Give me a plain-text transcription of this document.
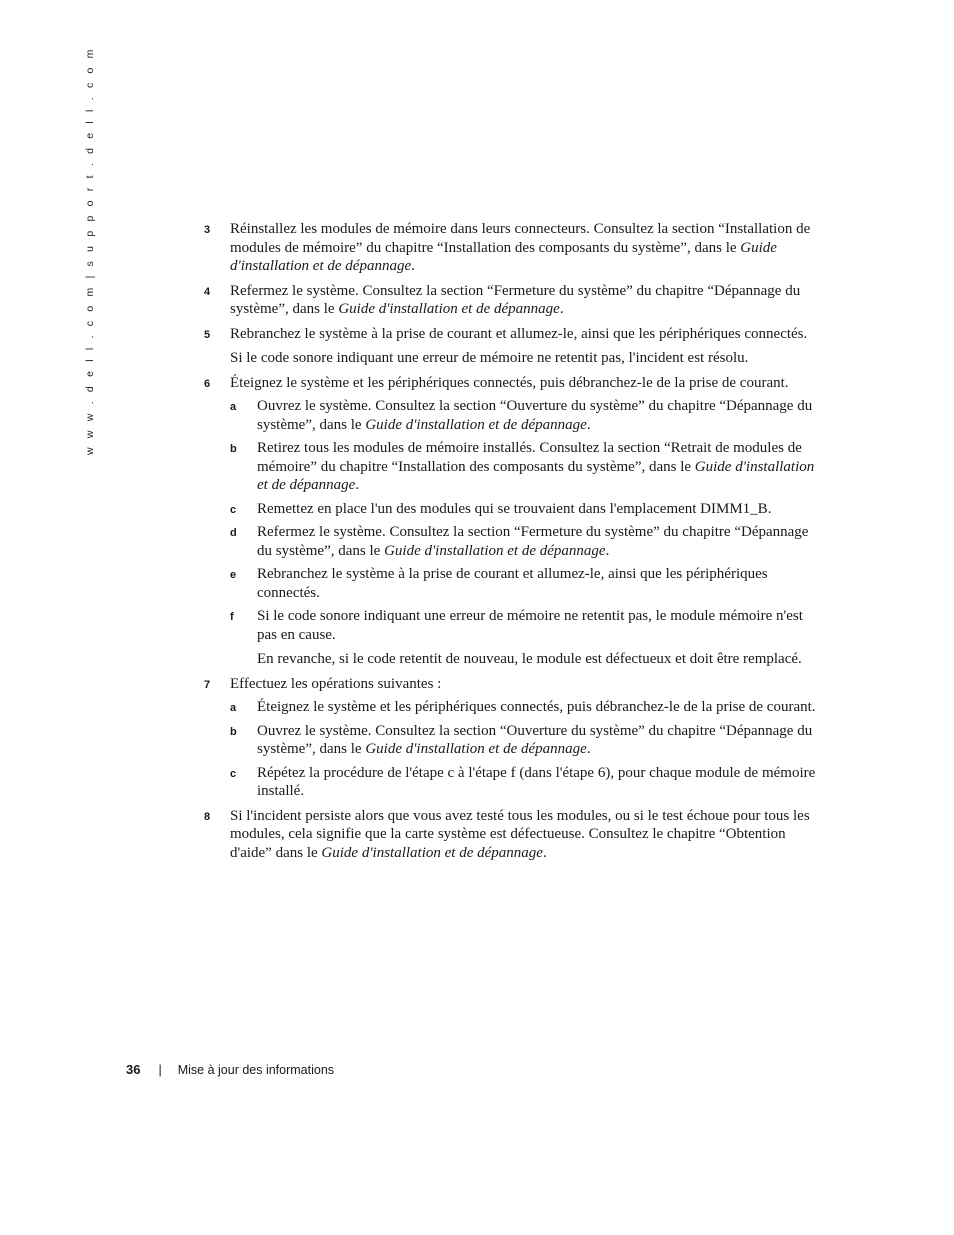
w w w . d e l l . c o m | s u p p o r t . d e l l . c o m	3 Réinstallez les modules de mémoire dans leurs connecteurs. Consultez la section “Installation de modules de mémoire” du chapitre “Installation des composants du système”, dans le Guide d'installation et de dépannage.

4 Refermez le système. Consultez la section “Fermeture du système” du chapitre “Dépannage du système”, dans le Guide d'installation et de dépannage.

5 Rebranchez le système à la prise de courant et allumez-le, ainsi que les périphériques connectés.

Si le code sonore indiquant une erreur de mémoire ne retentit pas, l'incident est résolu.

6 Éteignez le système et les périphériques connectés, puis débranchez-le de la prise de courant.

a Ouvrez le système. Consultez la section “Ouverture du système” du chapitre “Dépannage du système”, dans le Guide d'installation et de dépannage.

b Retirez tous les modules de mémoire installés. Consultez la section “Retrait de modules de mémoire” du chapitre “Installation des composants du système”, dans le Guide d'installation et de dépannage.

c Remettez en place l'un des modules qui se trouvaient dans l'emplacement DIMM1_B.

d Refermez le système. Consultez la section “Fermeture du système” du chapitre “Dépannage du système”, dans le Guide d'installation et de dépannage.

e Rebranchez le système à la prise de courant et allumez-le, ainsi que les périphériques connectés.

f Si le code sonore indiquant une erreur de mémoire ne retentit pas, le module mémoire n'est pas en cause.

En revanche, si le code retentit de nouveau, le module est défectueux et doit être remplacé.

7 Effectuez les opérations suivantes :

a Éteignez le système et les périphériques connectés, puis débranchez-le de la prise de courant.

b Ouvrez le système. Consultez la section “Ouverture du système” du chapitre “Dépannage du système”, dans le Guide d'installation et de dépannage.

c Répétez la procédure de l'étape c à l'étape f (dans l'étape 6), pour chaque module de mémoire installé.

8 Si l'incident persiste alors que vous avez testé tous les modules, ou si le test échoue pour tous les modules, cela signifie que la carte système est défectueuse. Consultez le chapitre “Obtention d'aide” dans le Guide d'installation et de dépannage.

36 | Mise à jour des informations
